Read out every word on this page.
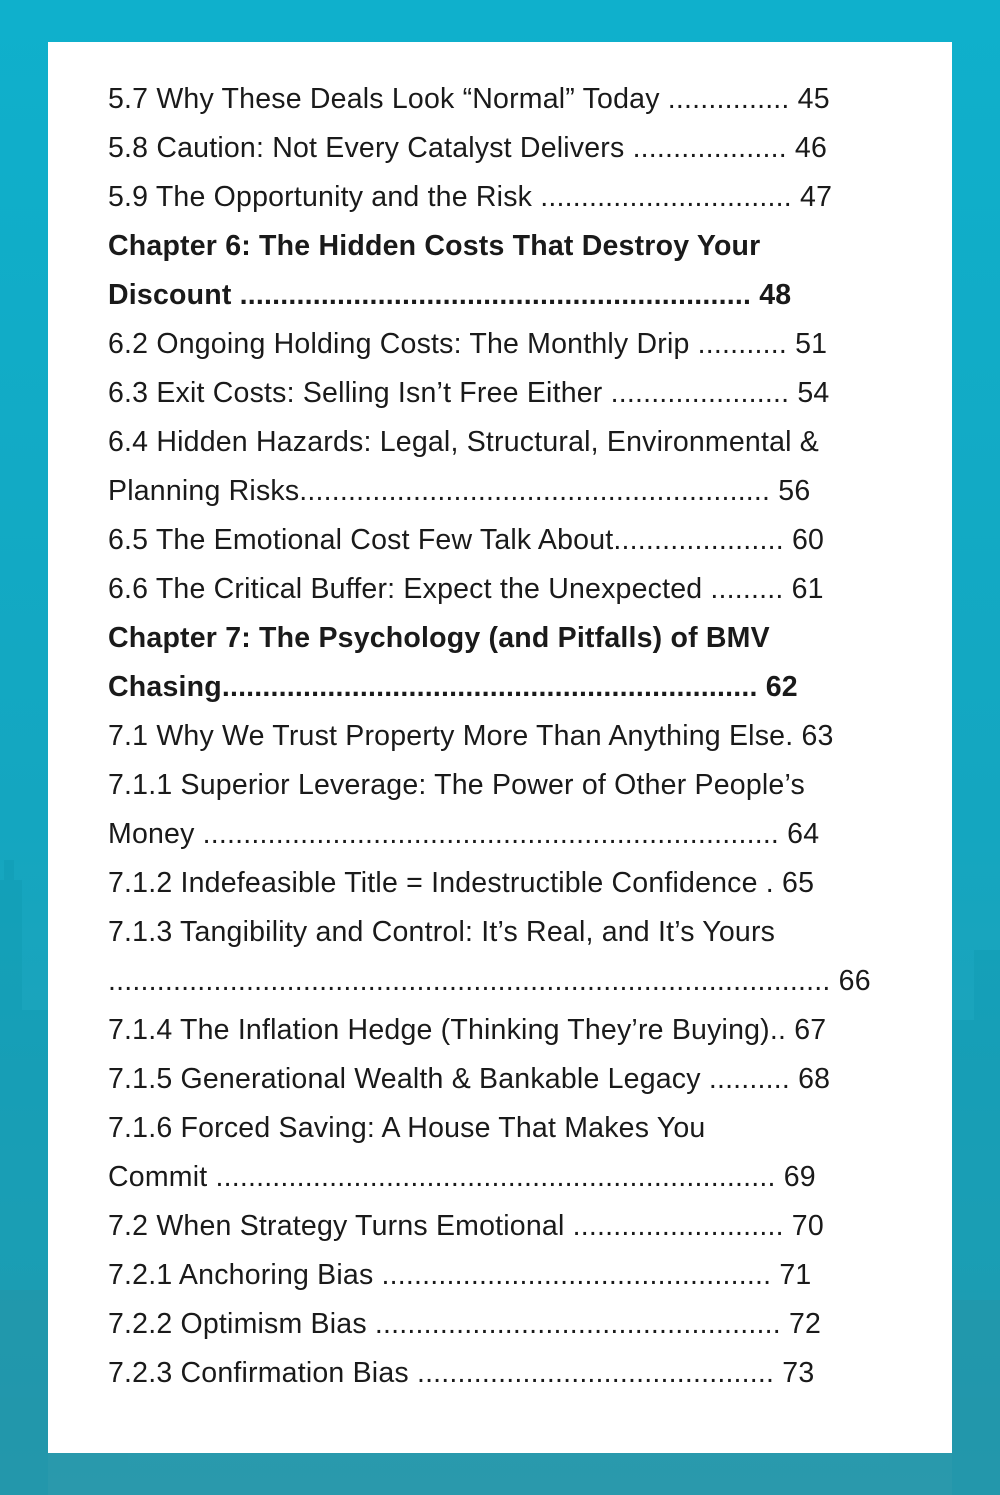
5.7 Why These Deals Look “Normal” Today ............... 45
5.8 Caution: Not Every Catalyst Delivers ................... 46
5.9 The Opportunity and the Risk ............................... 47
Chapter 6: The Hidden Costs That Destroy Your
Discount ............................................................... 48
6.2 Ongoing Holding Costs: The Monthly Drip ........... 51
6.3 Exit Costs: Selling Isn’t Free Either ...................... 54
6.4 Hidden Hazards: Legal, Structural, Environmental &
Planning Risks.......................................................... 56
6.5 The Emotional Cost Few Talk About..................... 60
6.6 The Critical Buffer: Expect the Unexpected ......... 61
Chapter 7: The Psychology (and Pitfalls) of BMV
Chasing.................................................................. 62
7.1 Why We Trust Property More Than Anything Else. 63
7.1.1 Superior Leverage: The Power of Other People’s
Money ....................................................................... 64
7.1.2 Indefeasible Title = Indestructible Confidence . 65
7.1.3 Tangibility and Control: It’s Real, and It’s Yours
......................................................................................... 66
7.1.4 The Inflation Hedge (Thinking They’re Buying).. 67
7.1.5 Generational Wealth & Bankable Legacy .......... 68
7.1.6 Forced Saving: A House That Makes You
Commit ..................................................................... 69
7.2 When Strategy Turns Emotional .......................... 70
7.2.1 Anchoring Bias ................................................ 71
7.2.2 Optimism Bias .................................................. 72
7.2.3 Confirmation Bias ............................................ 73
